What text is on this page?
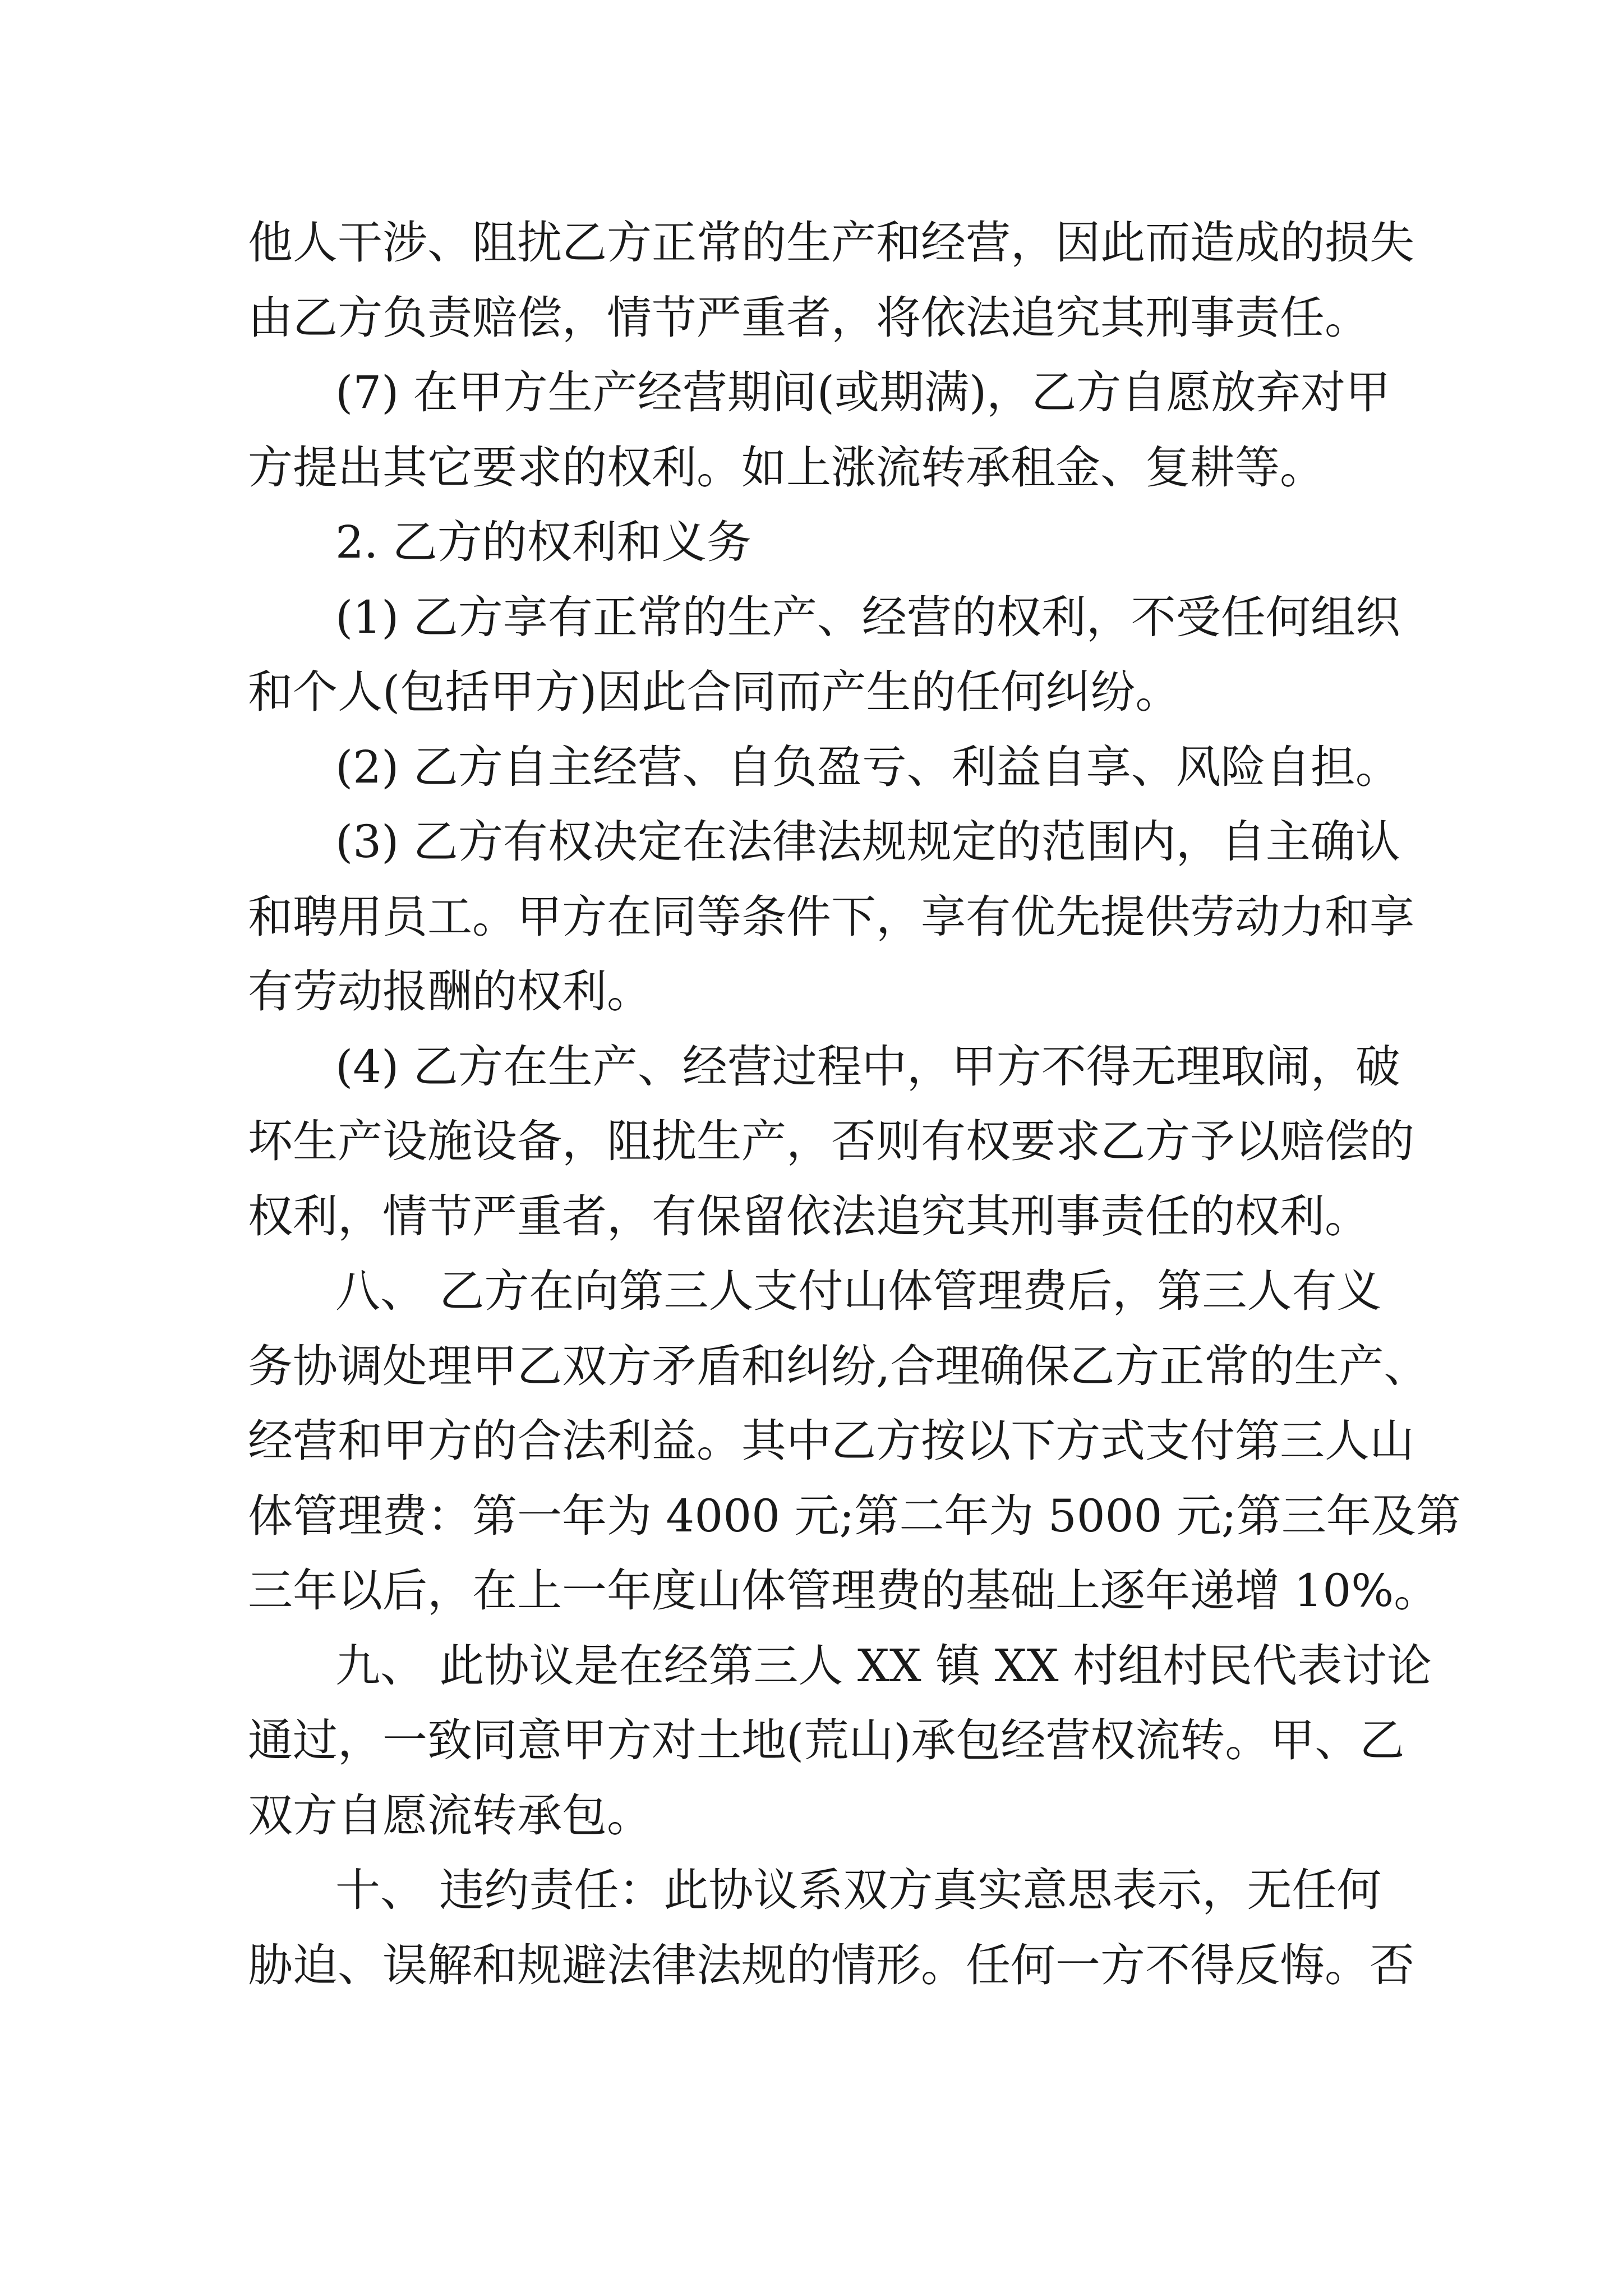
他人干涉、阻扰乙方正常的生产和经营，因此而造成的损失
由乙方负责赔偿，情节严重者，将依法追究其刑事责任。
(7) 在甲方生产经营期间(或期满)，乙方自愿放弃对甲
方提出其它要求的权利。如上涨流转承租金、复耕等。
2. 乙方的权利和义务
(1) 乙方享有正常的生产、经营的权利，不受任何组织
和个人(包括甲方)因此合同而产生的任何纠纷。
(2) 乙方自主经营、自负盈亏、利益自享、风险自担。
(3) 乙方有权决定在法律法规规定的范围内，自主确认
和聘用员工。甲方在同等条件下，享有优先提供劳动力和享
有劳动报酬的权利。
(4) 乙方在生产、经营过程中，甲方不得无理取闹，破
坏生产设施设备，阻扰生产，否则有权要求乙方予以赔偿的
权利，情节严重者，有保留依法追究其刑事责任的权利。
八、 乙方在向第三人支付山体管理费后，第三人有义
务协调处理甲乙双方矛盾和纠纷,合理确保乙方正常的生产、
经营和甲方的合法利益。其中乙方按以下方式支付第三人山
体管理费：第一年为 4000 元;第二年为 5000 元;第三年及第
三年以后，在上一年度山体管理费的基础上逐年递增 10%。
九、 此协议是在经第三人 XX 镇 XX 村组村民代表讨论
通过，一致同意甲方对土地(荒山)承包经营权流转。甲、乙
双方自愿流转承包。
十、 违约责任：此协议系双方真实意思表示，无任何
胁迫、误解和规避法律法规的情形。任何一方不得反悔。否
